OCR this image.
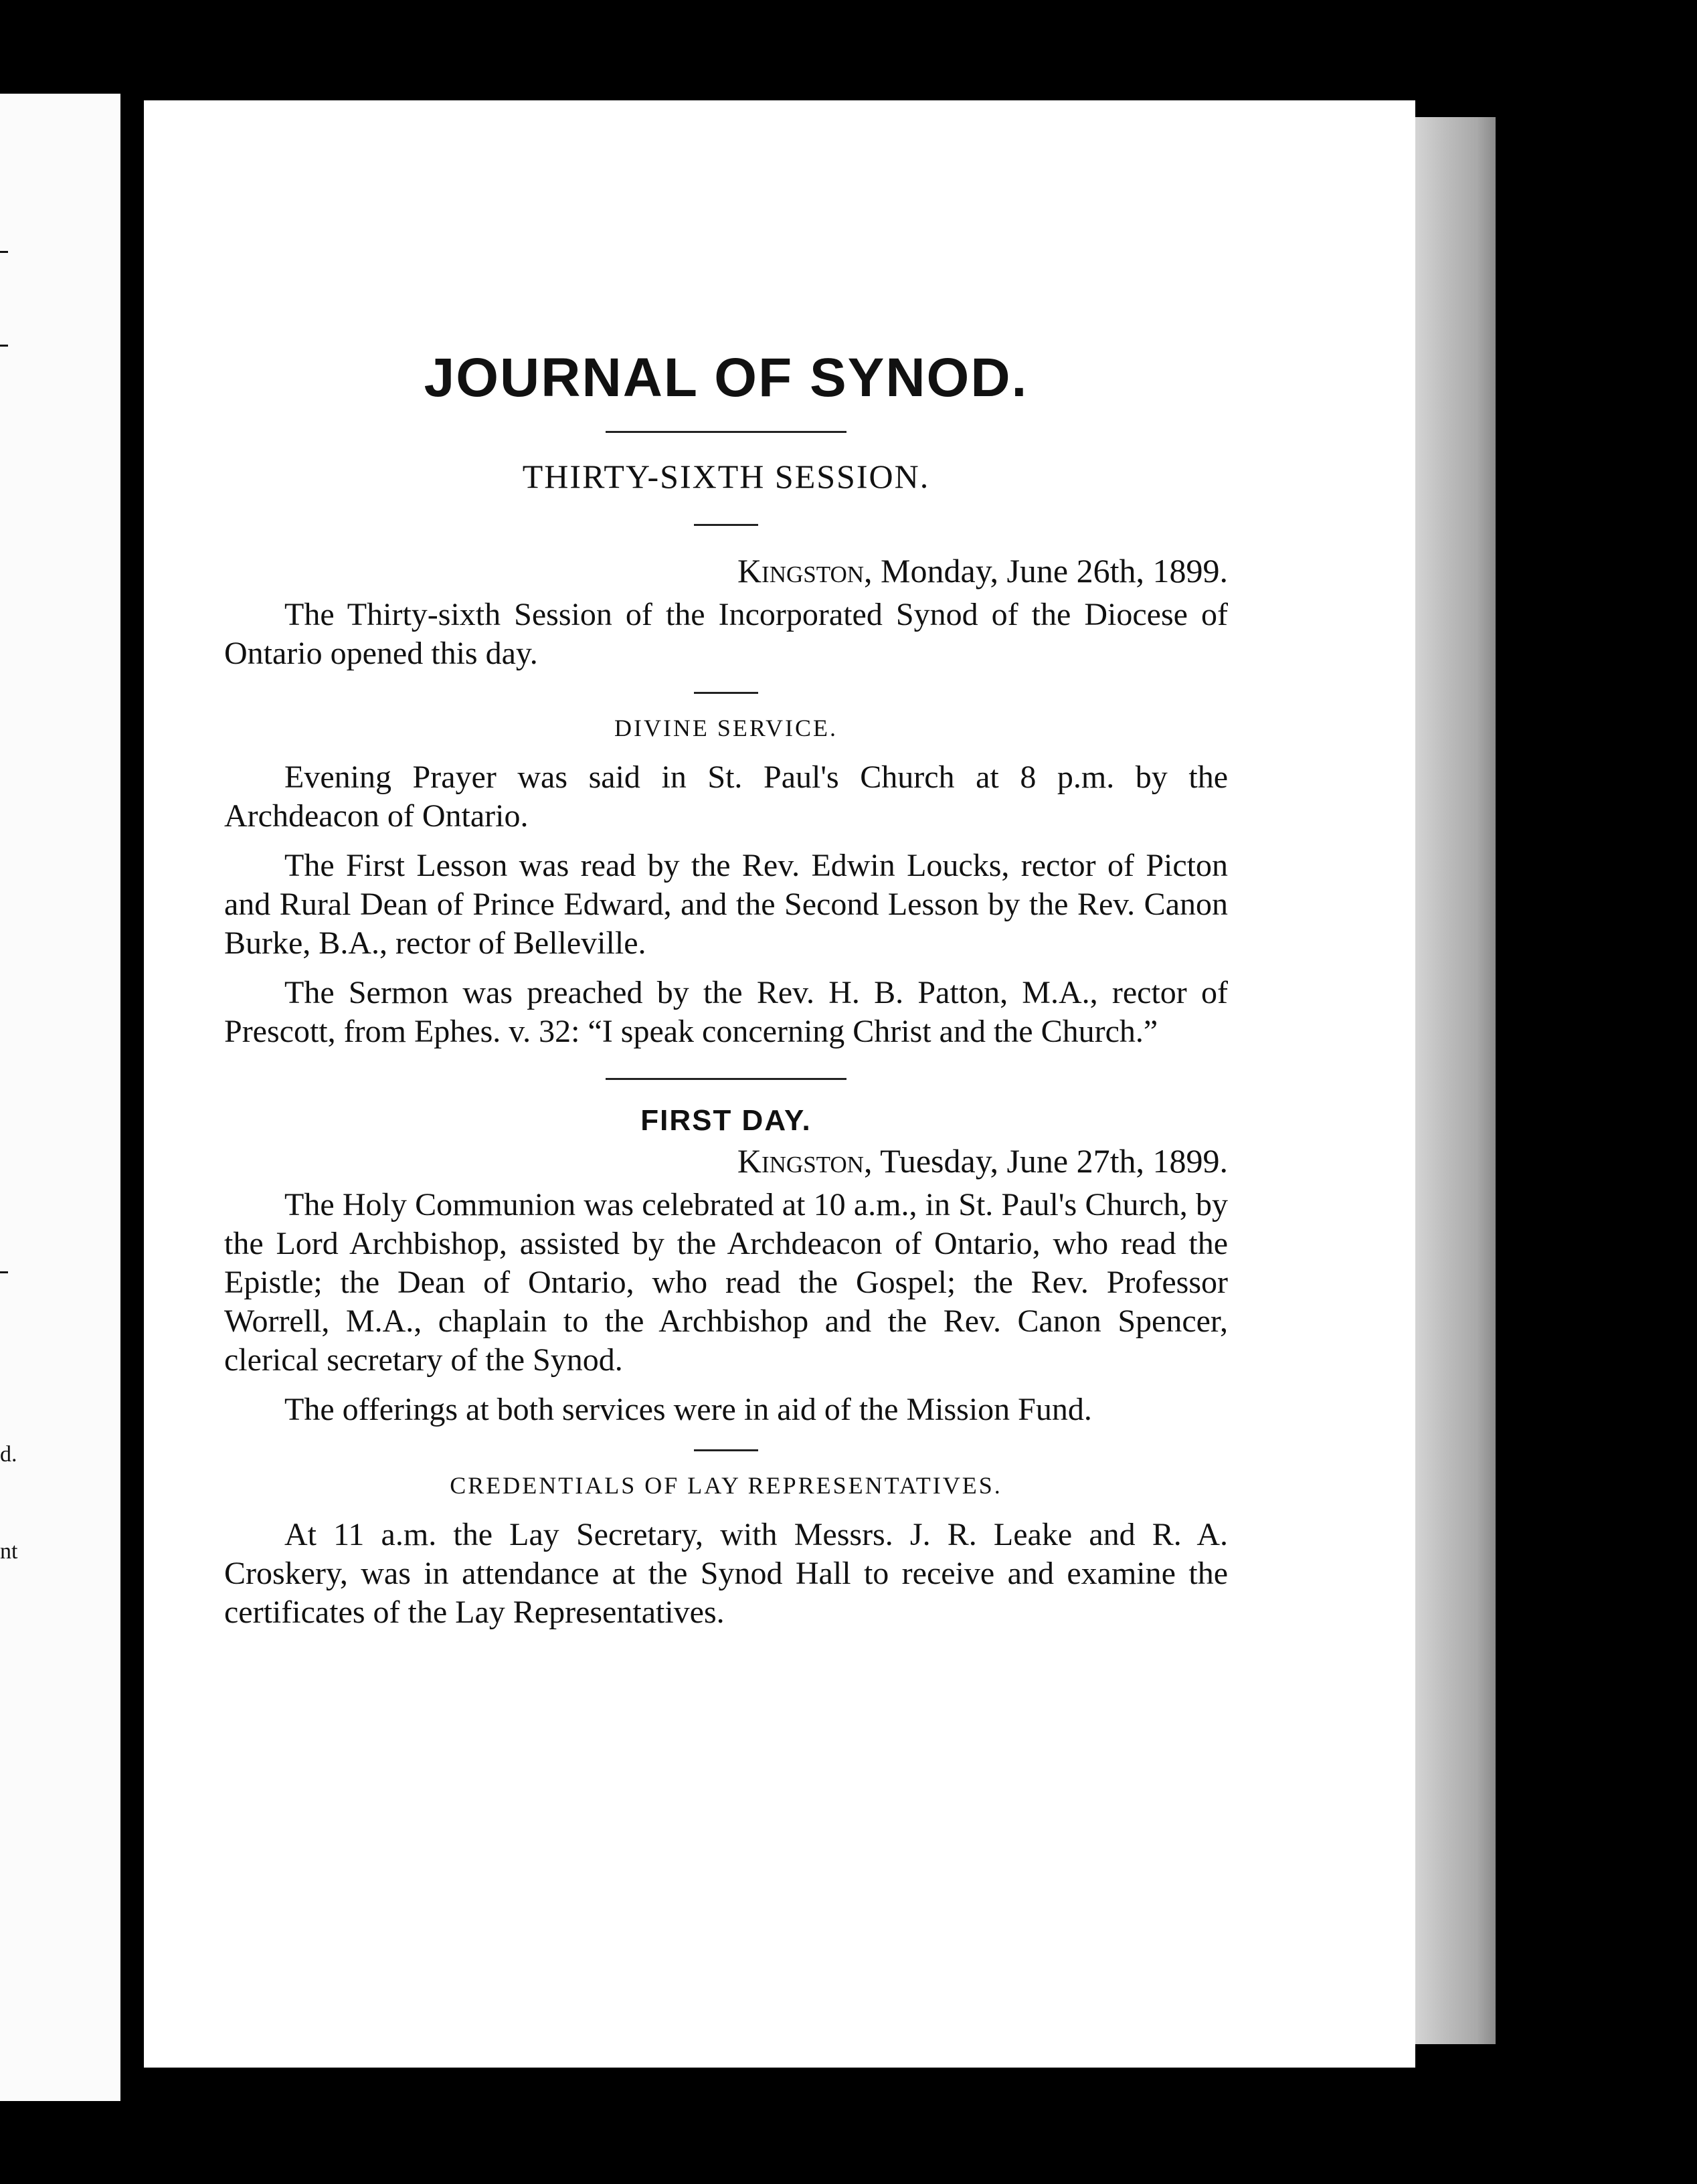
d.
nt
JOURNAL OF SYNOD.
THIRTY-SIXTH SESSION.
Kingston, Monday, June 26th, 1899.

The Thirty-sixth Session of the Incorporated Synod of the Diocese of Ontario opened this day.

DIVINE SERVICE.

Evening Prayer was said in St. Paul's Church at 8 p.m. by the Archdeacon of Ontario.

The First Lesson was read by the Rev. Edwin Loucks, rector of Picton and Rural Dean of Prince Edward, and the Second Lesson by the Rev. Canon Burke, B.A., rector of Belleville.

The Sermon was preached by the Rev. H. B. Patton, M.A., rector of Prescott, from Ephes. v. 32: “I speak concerning Christ and the Church.”

FIRST DAY.
Kingston, Tuesday, June 27th, 1899.

The Holy Communion was celebrated at 10 a.m., in St. Paul's Church, by the Lord Archbishop, assisted by the Archdeacon of Ontario, who read the Epistle; the Dean of Ontario, who read the Gospel; the Rev. Professor Worrell, M.A., chaplain to the Archbishop and the Rev. Canon Spencer, clerical secretary of the Synod.

The offerings at both services were in aid of the Mission Fund.

CREDENTIALS OF LAY REPRESENTATIVES.

At 11 a.m. the Lay Secretary, with Messrs. J. R. Leake and R. A. Croskery, was in attendance at the Synod Hall to receive and examine the certificates of the Lay Representatives.
